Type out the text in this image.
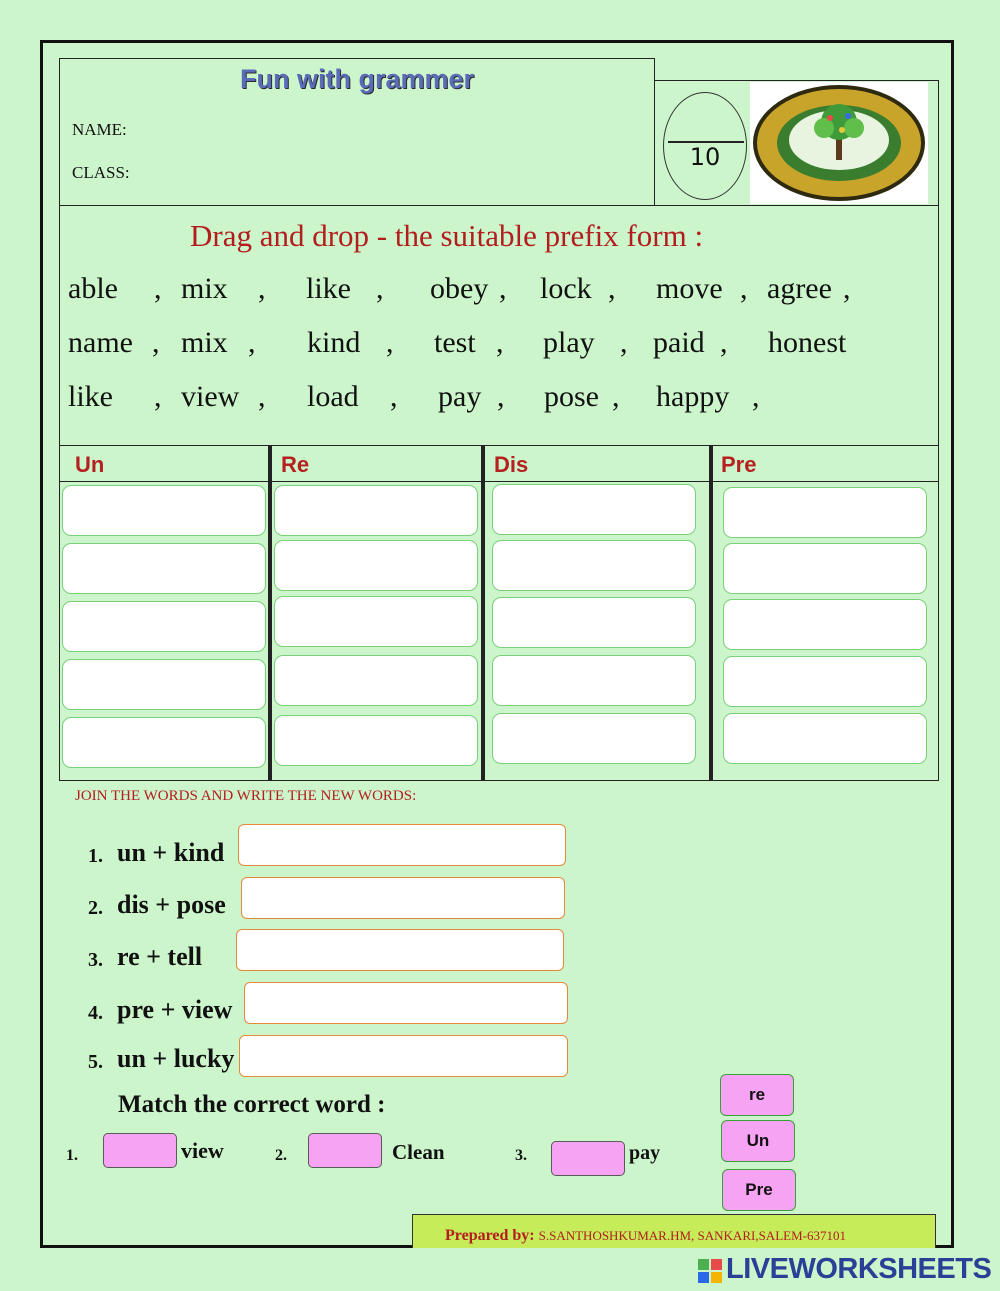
Fun with grammer
NAME:
CLASS:
10
Drag and drop - the suitable prefix form :
able , mix , like , obey , lock , move , agree ,
name , mix , kind , test , play , paid , honest
like , view , load , pay , pose , happy ,
Un	Re	Dis	Pre
JOIN THE WORDS AND WRITE THE NEW WORDS:
1. un + kind
2. dis + pose
3. re + tell
4. pre + view
5. un + lucky
Match the correct word :
1.	view	2.	Clean	3.	pay
re
Un
Pre
Prepared by: S.SANTHOSHKUMAR.HM, SANKARI,SALEM-637101
LIVEWORKSHEETS
